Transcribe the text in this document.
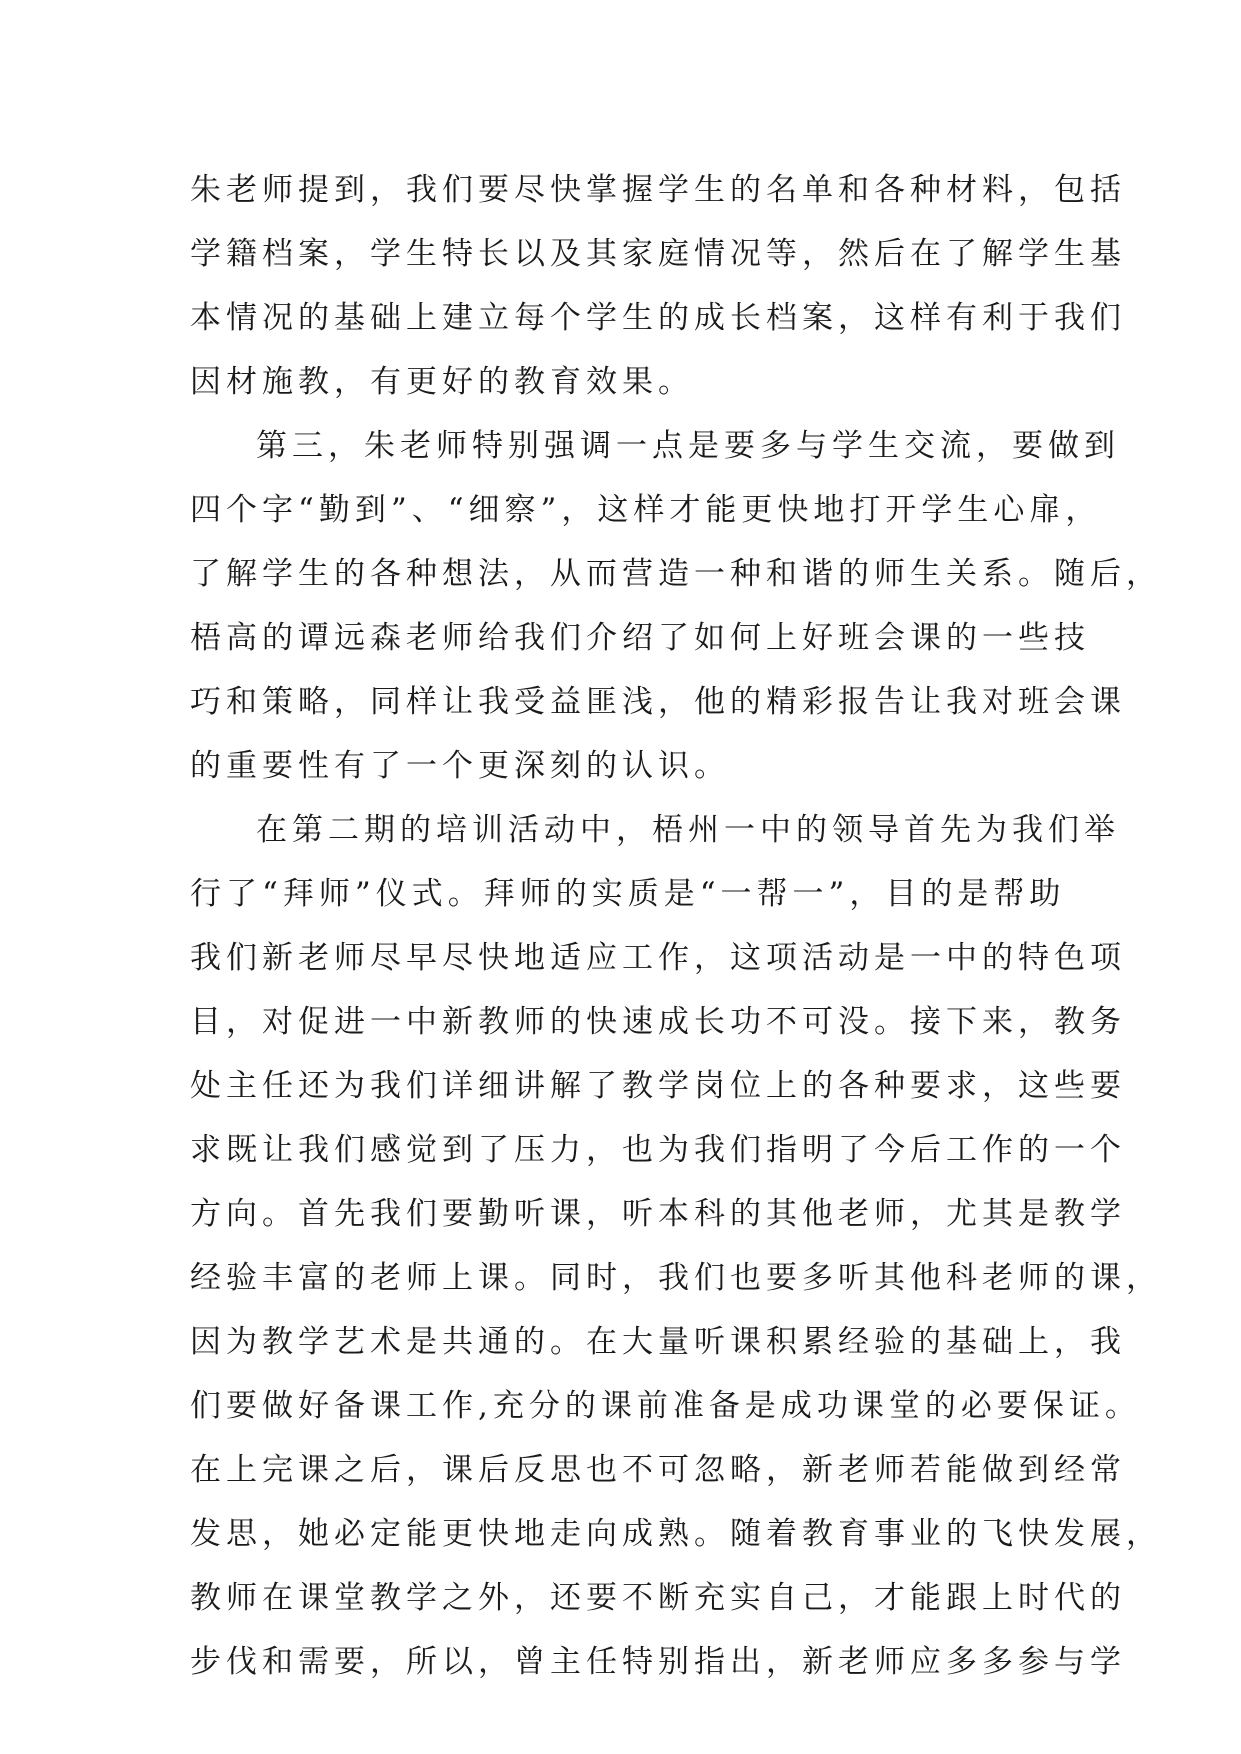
朱老师提到，我们要尽快掌握学生的名单和各种材料，包括
学籍档案，学生特长以及其家庭情况等，然后在了解学生基
本情况的基础上建立每个学生的成长档案，这样有利于我们
因材施教，有更好的教育效果。
第三，朱老师特别强调一点是要多与学生交流，要做到
四个字“勤到”、“细察”，这样才能更快地打开学生心扉，
了解学生的各种想法，从而营造一种和谐的师生关系。随后，
梧高的谭远森老师给我们介绍了如何上好班会课的一些技
巧和策略，同样让我受益匪浅，他的精彩报告让我对班会课
的重要性有了一个更深刻的认识。
在第二期的培训活动中，梧州一中的领导首先为我们举
行了“拜师”仪式。拜师的实质是“一帮一”，目的是帮助
我们新老师尽早尽快地适应工作，这项活动是一中的特色项
目，对促进一中新教师的快速成长功不可没。接下来，教务
处主任还为我们详细讲解了教学岗位上的各种要求，这些要
求既让我们感觉到了压力，也为我们指明了今后工作的一个
方向。首先我们要勤听课，听本科的其他老师，尤其是教学
经验丰富的老师上课。同时，我们也要多听其他科老师的课，
因为教学艺术是共通的。在大量听课积累经验的基础上，我
们要做好备课工作,充分的课前准备是成功课堂的必要保证。
在上完课之后，课后反思也不可忽略，新老师若能做到经常
发思，她必定能更快地走向成熟。随着教育事业的飞快发展，
教师在课堂教学之外，还要不断充实自己，才能跟上时代的
步伐和需要，所以，曾主任特别指出，新老师应多多参与学
